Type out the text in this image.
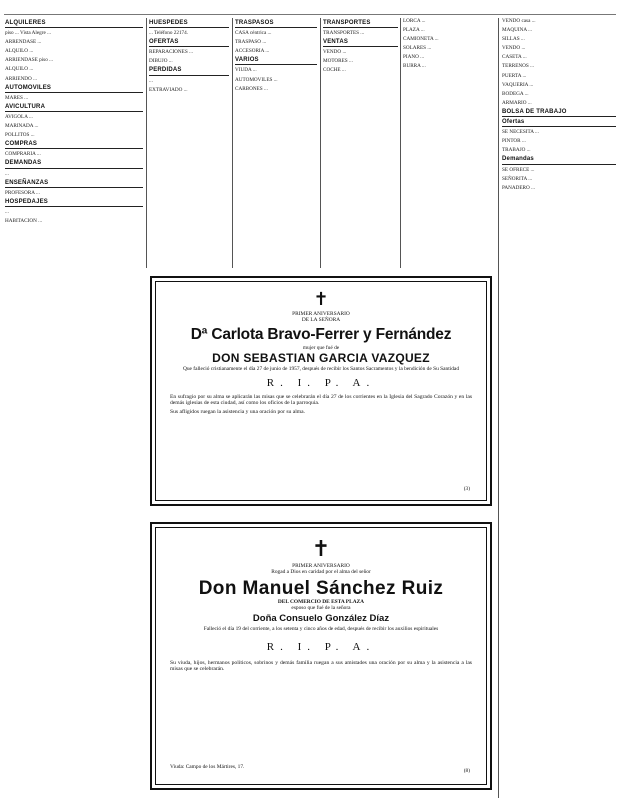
ALQUILERES
piso ... Vista Alegre ...
ARRENDASE ...
ALQUILO ...
ARRIENDASE piso ...
ALQUILO ...
ARRIENDO ...
AUTOMOVILES
MARES ...
AVICULTURA
AVIGOLA ...
MARINADA ...
POLLITOS ...
COMPRAS
COMPRARIA ...
DEMANDAS
...
ENSEÑANZAS
PROFESORA ...
HOSPEDAJES
...
HABITACION ...
HUESPEDES
... Teléfono 22174.
OFERTAS
REPARACIONES ...
DIBUJO ...
PERDIDAS
...
EXTRAVIADO ...
TRASPASOS
CASA céntrica ...
TRASPASO ...
ACCESORIA ...
VARIOS
VIUDA ...
AUTOMOVILES ...
CARBONES ...
TRANSPORTES
TRANSPORTES ...
VENTAS
VENDO ...
MOTORES ...
COCHE ...
LORCA ...
PLAZA ...
CAMIONETA ...
SOLARES ...
PIANO ...
BURRA ...
VENDO casa ...
MAQUINA ...
SILLAS ...
VENDO ...
CASETA ...
TERRENOS ...
PUERTA ...
VAQUERIA ...
BODEGA ...
ARMARIO ...
BOLSA DE TRABAJO
Ofertas
SE NECESITA ...
PINTOR ...
TRABAJO ...
Demandas
SE OFRECE ...
SEÑORITA ...
PANADERO ...
✝
PRIMER ANIVERSARIO
DE LA SEÑORA
Dª Carlota Bravo-Ferrer y Fernández
mujer que fué de
DON SEBASTIAN GARCIA VAZQUEZ
Que falleció cristianamente el día 27 de junio de 1957, después de recibir los Santos Sacramentos y la bendición de Su Santidad
R. I. P. A.
En sufragio por su alma se aplicarán las misas que se celebrarán el día 27 de los corrientes en la Iglesia del Sagrado Corazón y en las demás iglesias de esta ciudad, así como los oficios de la parroquia.
Sus afligidos ruegan la asistencia y una oración por su alma.
(3)
✝
PRIMER ANIVERSARIO
Rogad a Dios en caridad por el alma del señor
Don Manuel Sánchez Ruiz
DEL COMERCIO DE ESTA PLAZA
esposo que fué de la señora
Doña Consuelo González Díaz
Falleció el día 19 del corriente, a los setenta y cinco años de edad, después de recibir los auxilios espirituales
R. I. P. A.
Su viuda, hijos, hermanos políticos, sobrinos y demás familia ruegan a sus amistades una oración por su alma y la asistencia a las misas que se celebrarán.
Viuda: Campo de los Mártires, 17.
(8)
